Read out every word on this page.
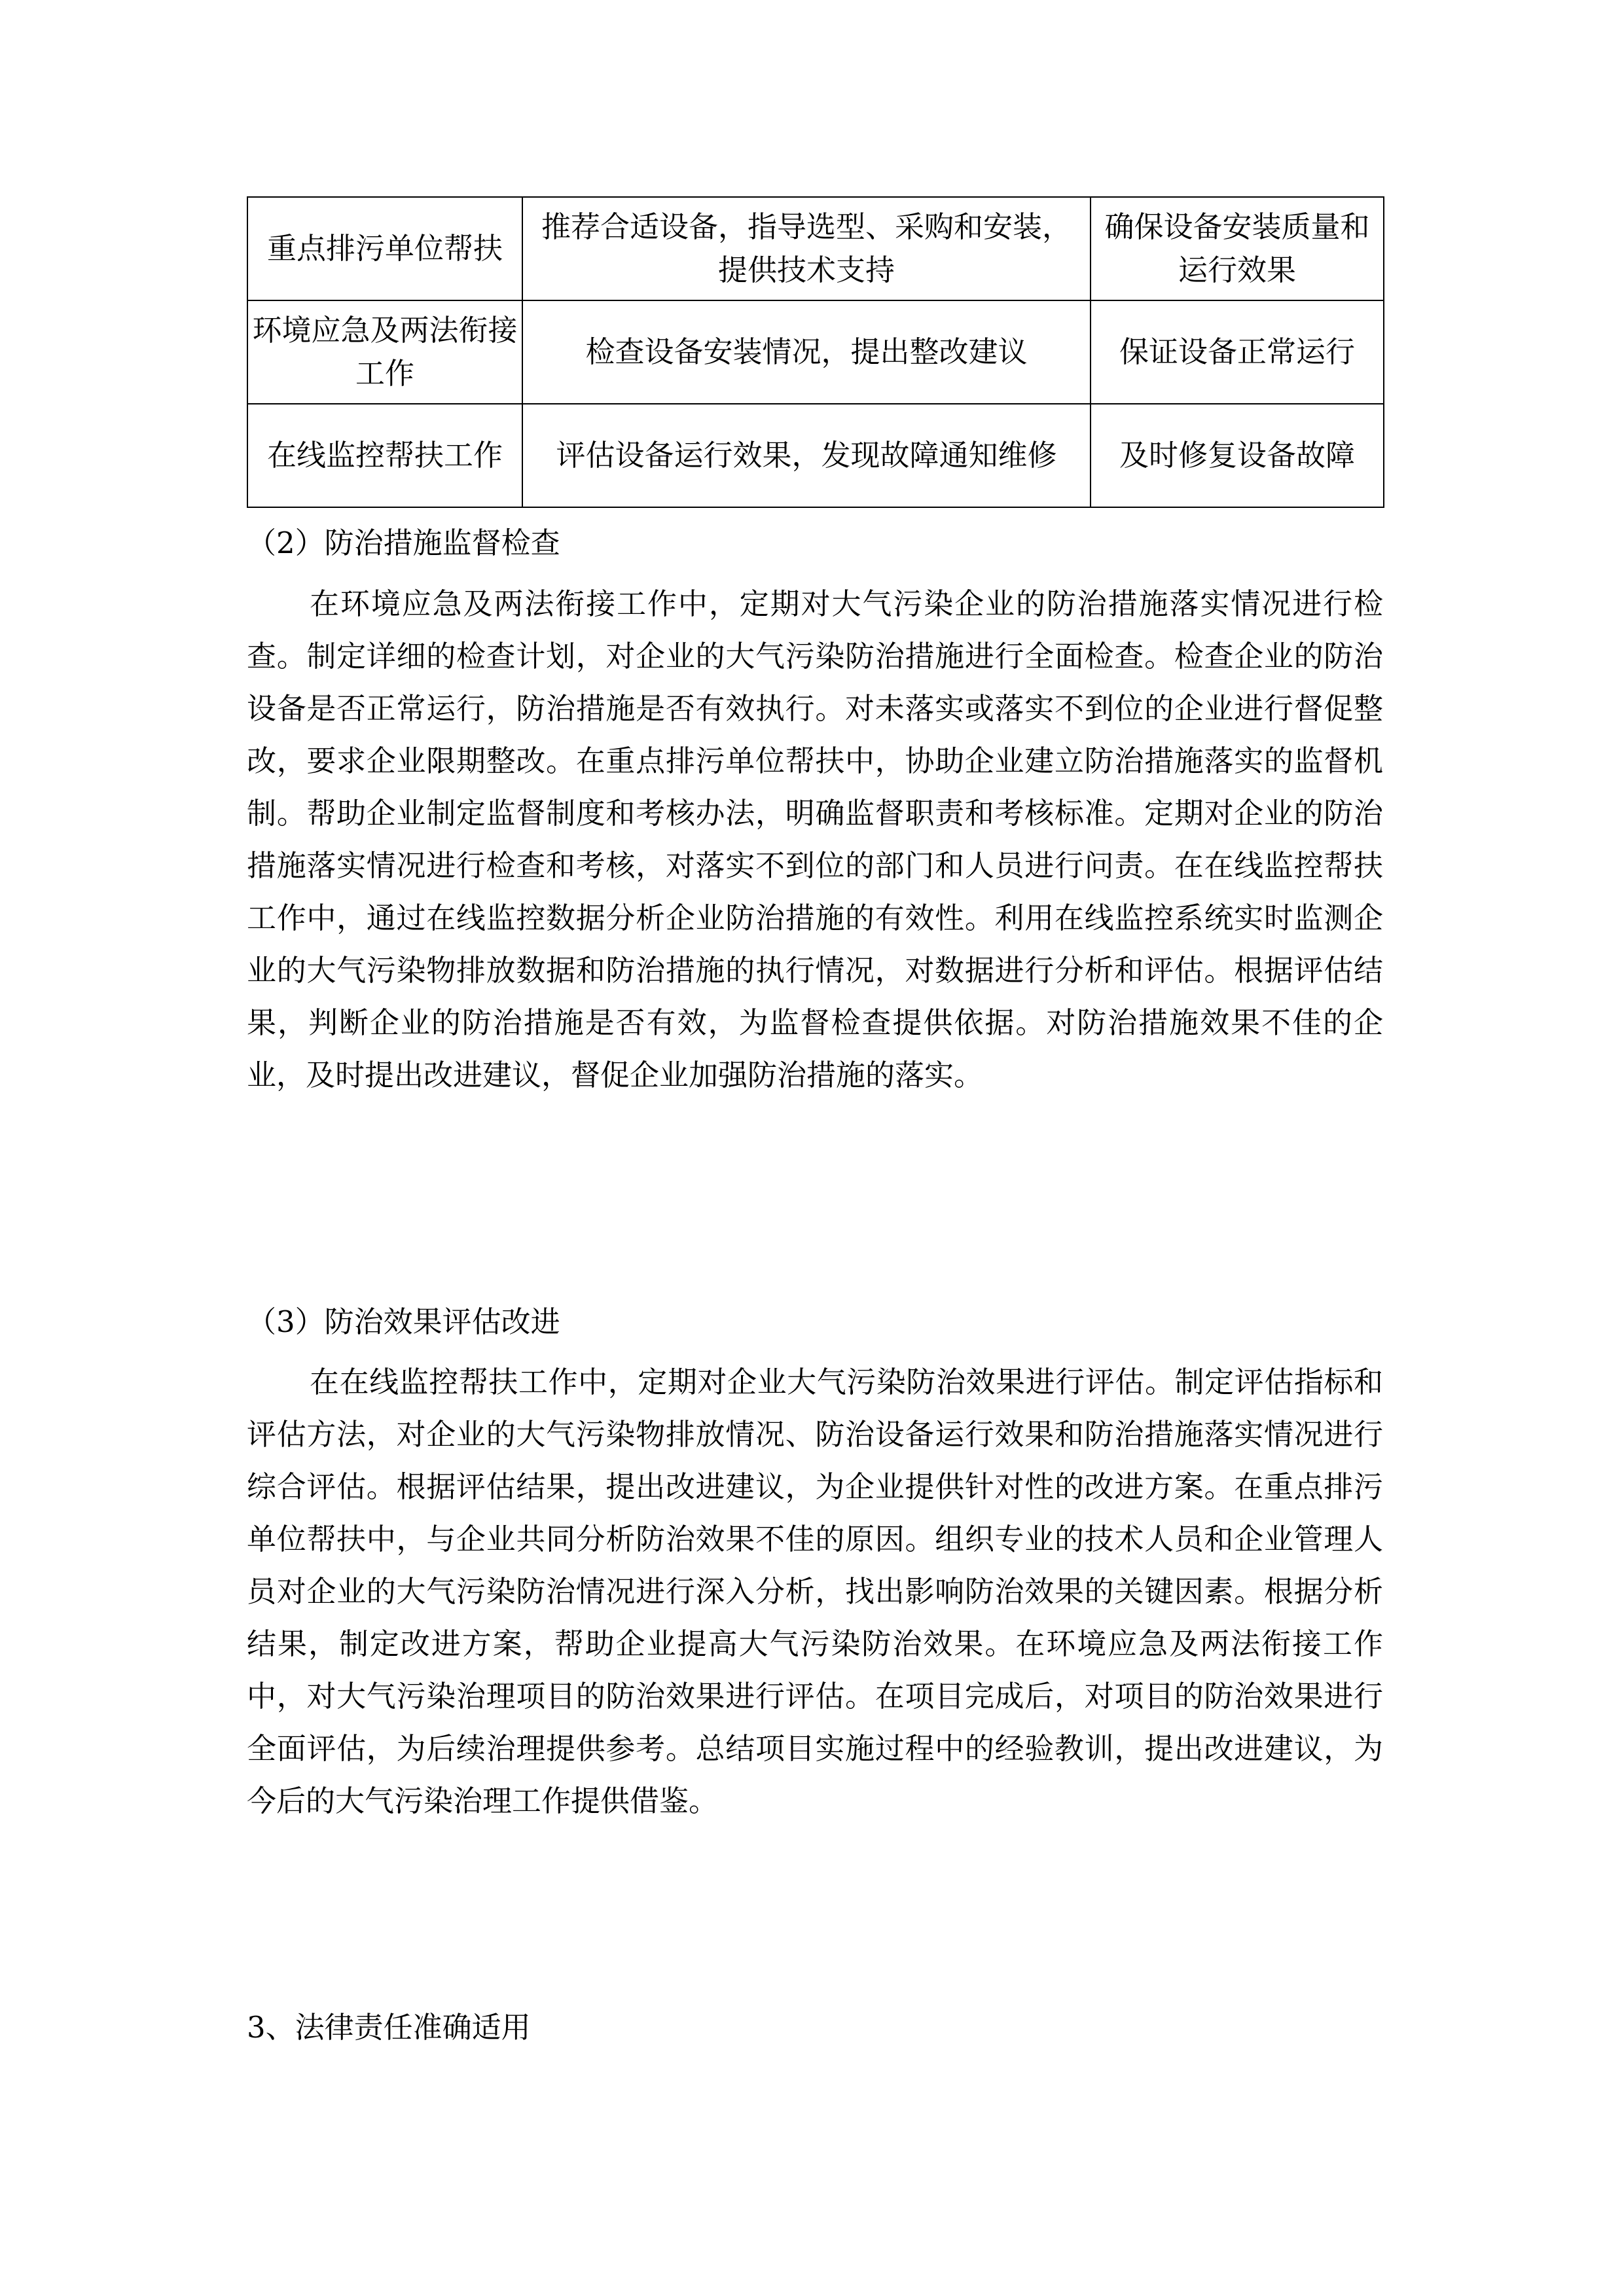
重点排污单位帮扶	推荐合适设备，指导选型、采购和安装，提供技术支持	确保设备安装质量和运行效果
环境应急及两法衔接工作	检查设备安装情况，提出整改建议	保证设备正常运行
在线监控帮扶工作	评估设备运行效果，发现故障通知维修	及时修复设备故障
（2）防治措施监督检查

在环境应急及两法衔接工作中，定期对大气污染企业的防治措施落实情况进行检查。制定详细的检查计划，对企业的大气污染防治措施进行全面检查。检查企业的防治设备是否正常运行，防治措施是否有效执行。对未落实或落实不到位的企业进行督促整改，要求企业限期整改。在重点排污单位帮扶中，协助企业建立防治措施落实的监督机制。帮助企业制定监督制度和考核办法，明确监督职责和考核标准。定期对企业的防治措施落实情况进行检查和考核，对落实不到位的部门和人员进行问责。在在线监控帮扶工作中，通过在线监控数据分析企业防治措施的有效性。利用在线监控系统实时监测企业的大气污染物排放数据和防治措施的执行情况，对数据进行分析和评估。根据评估结果，判断企业的防治措施是否有效，为监督检查提供依据。对防治措施效果不佳的企业，及时提出改进建议，督促企业加强防治措施的落实。

（3）防治效果评估改进

在在线监控帮扶工作中，定期对企业大气污染防治效果进行评估。制定评估指标和评估方法，对企业的大气污染物排放情况、防治设备运行效果和防治措施落实情况进行综合评估。根据评估结果，提出改进建议，为企业提供针对性的改进方案。在重点排污单位帮扶中，与企业共同分析防治效果不佳的原因。组织专业的技术人员和企业管理人员对企业的大气污染防治情况进行深入分析，找出影响防治效果的关键因素。根据分析结果，制定改进方案，帮助企业提高大气污染防治效果。在环境应急及两法衔接工作中，对大气污染治理项目的防治效果进行评估。在项目完成后，对项目的防治效果进行全面评估，为后续治理提供参考。总结项目实施过程中的经验教训，提出改进建议，为今后的大气污染治理工作提供借鉴。

3、法律责任准确适用
